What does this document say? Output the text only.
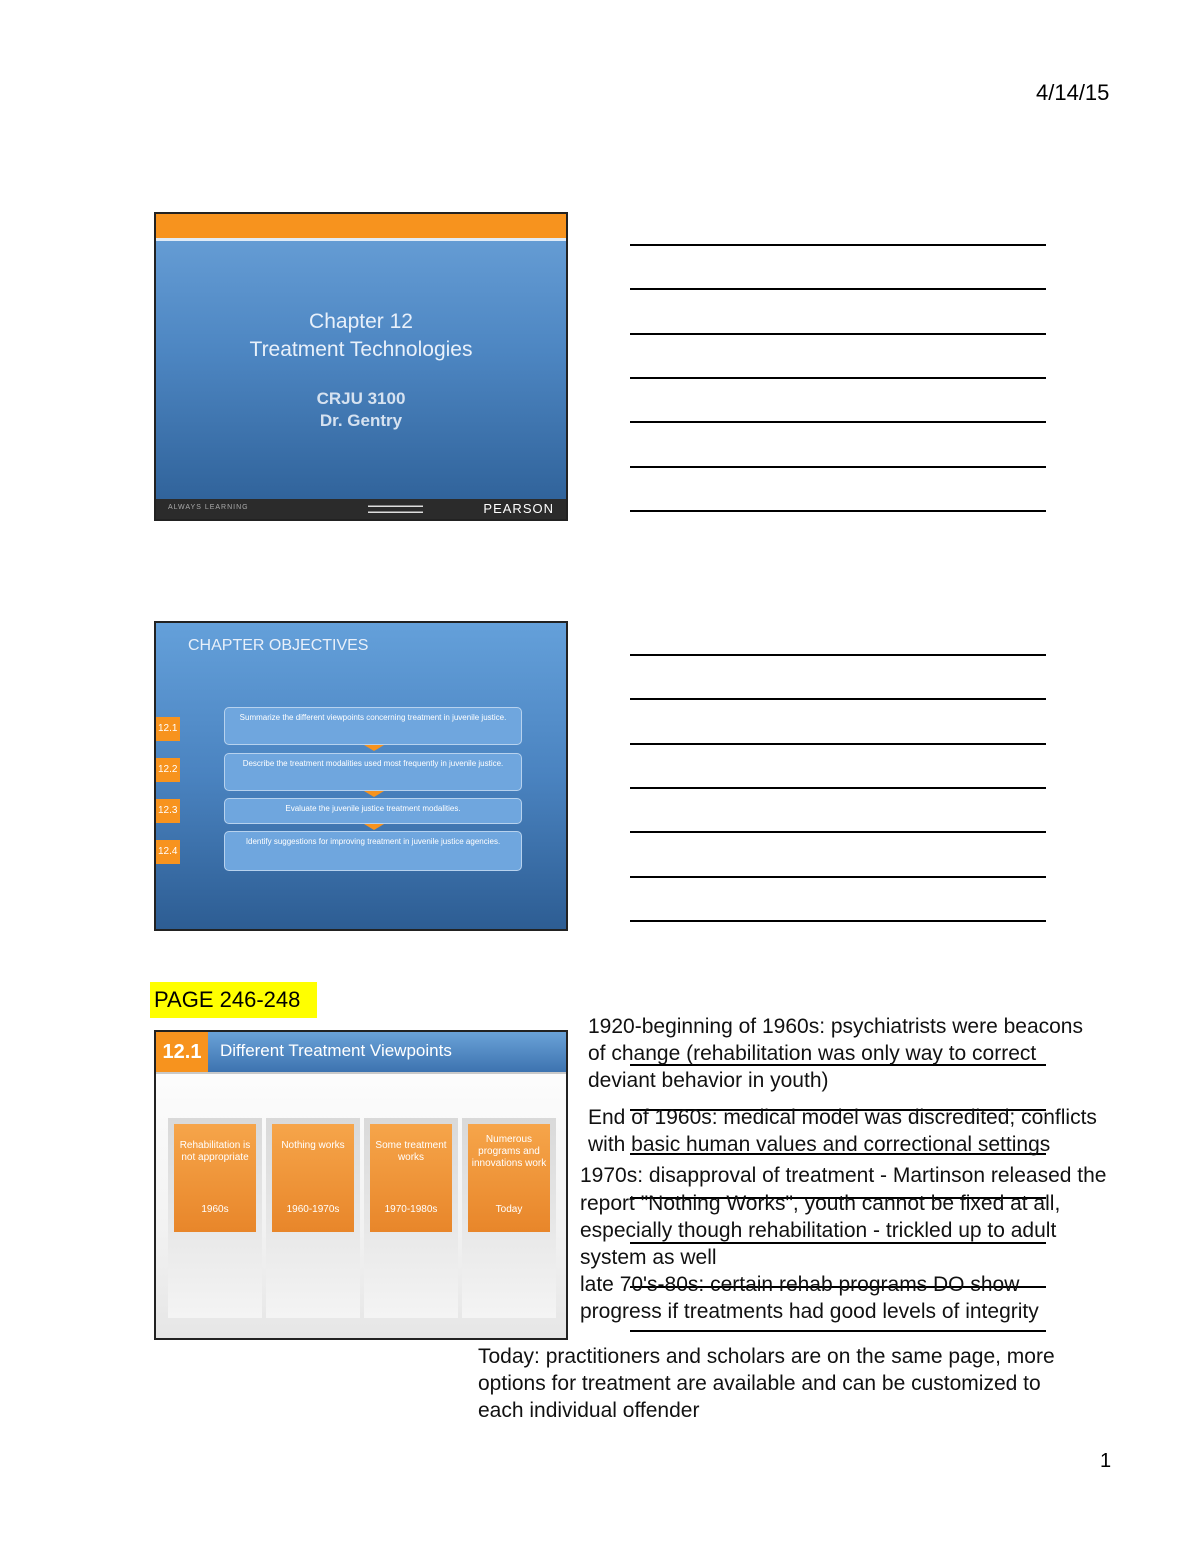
4/14/15
Chapter 12
Treatment Technologies
CRJU 3100
Dr. Gentry
ALWAYS LEARNING	▬▬▬▬▬▬▬▬▬▬▬
▬▬▬▬▬▬▬▬▬▬▬	PEARSON
CHAPTER OBJECTIVES
12.1
Summarize the different viewpoints concerning treatment in juvenile justice.
12.2
Describe the treatment modalities used most frequently in juvenile justice.
12.3	Evaluate the juvenile justice treatment modalities.
12.4
Identify suggestions for improving treatment in juvenile justice agencies.
PAGE 246-248
12.1	Different Treatment Viewpoints
Rehabilitation is not appropriate
1960s
Nothing works
1960-1970s
Some treatment works
1970-1980s
Numerous programs and innovations work
Today
1920-beginning of 1960s: psychiatrists were beacons
of change (rehabilitation was only way to correct
deviant behavior in youth)
End of 1960s: medical model was discredited; conflicts
with basic human values and correctional settings
1970s: disapproval of treatment - Martinson released the
report "Nothing Works", youth cannot be fixed at all,
especially though rehabilitation - trickled up to adult
system as well
late 70's-80s: certain rehab programs DO show
progress if treatments had good levels of integrity
Today: practitioners and scholars are on the same page, more
options for treatment are available and can be customized to
each individual offender
1
